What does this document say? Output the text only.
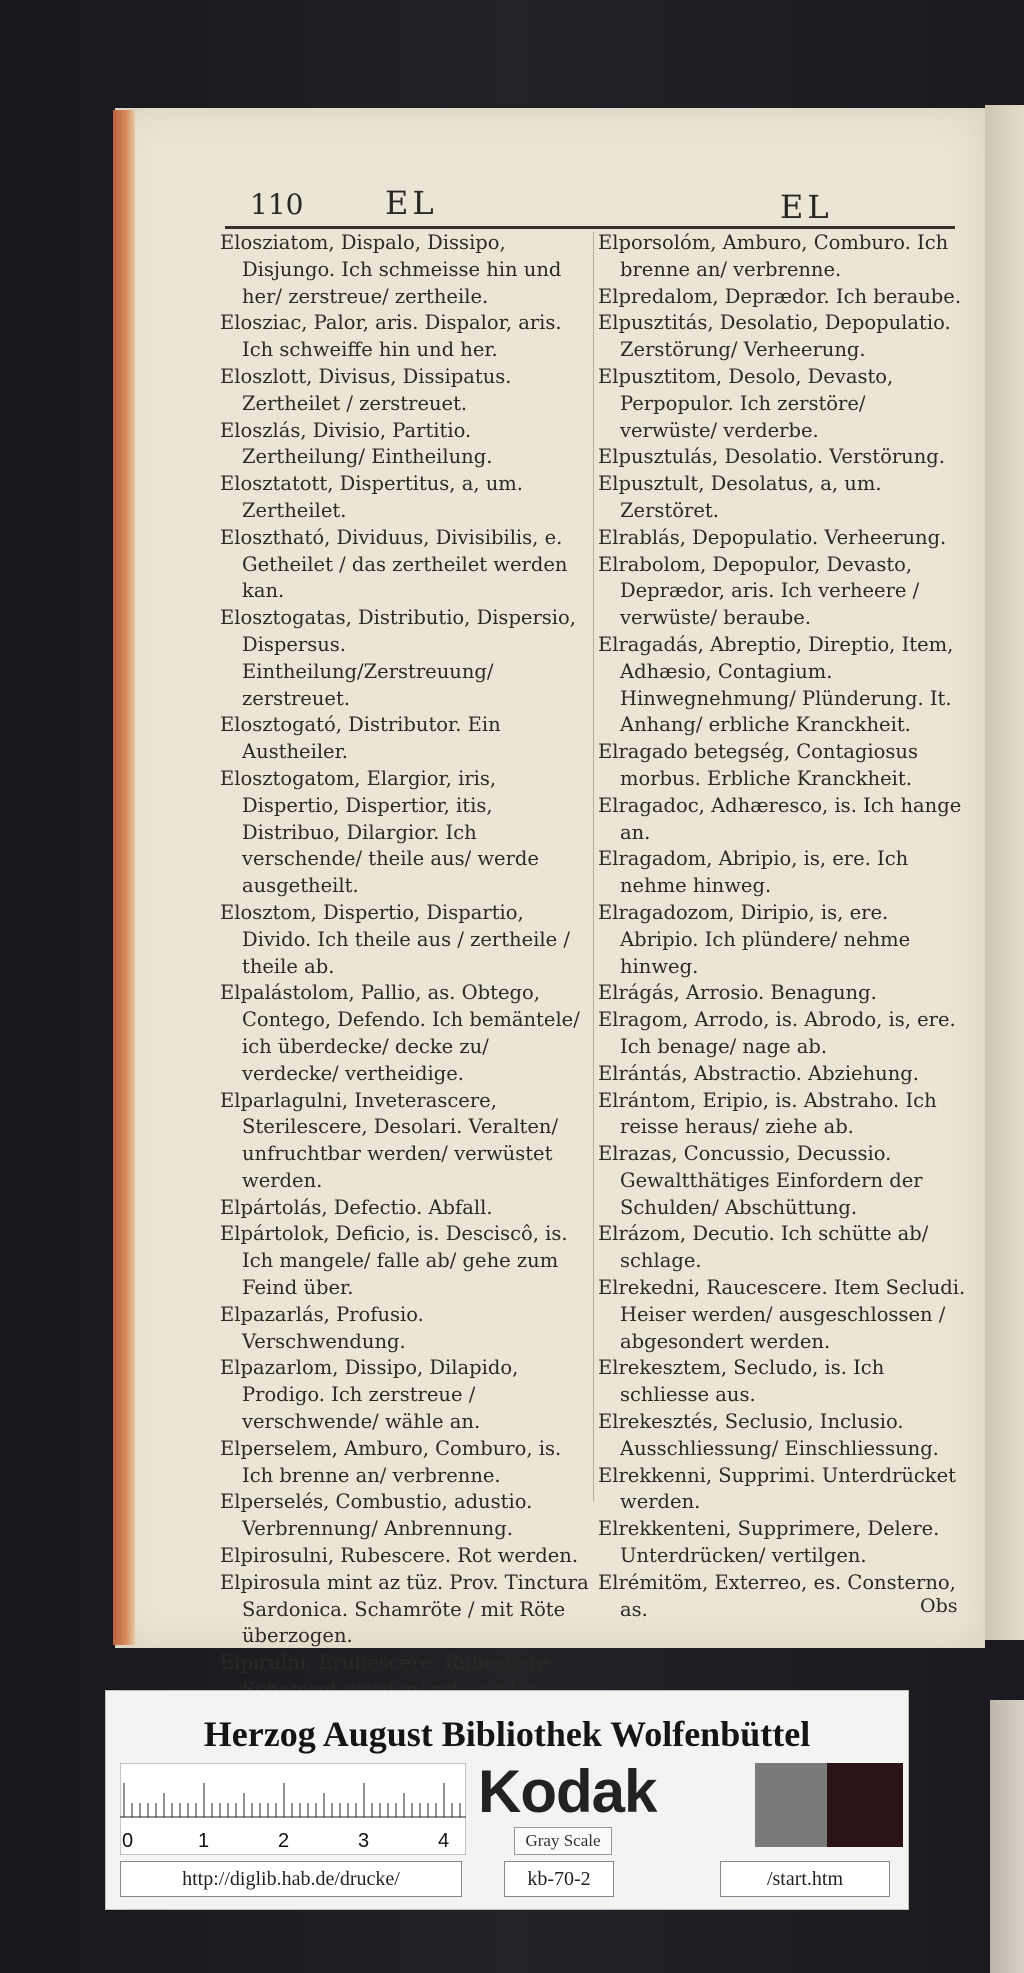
110	EL	EL

Elosziatom, Dispalo, Dissipo, Disjungo. Ich schmeisse hin und her/ zerstreue/ zertheile.

Elosziac, Palor, aris. Dispalor, aris. Ich schweiffe hin und her.

Eloszlott, Divisus, Dissipatus. Zertheilet / zerstreuet.

Eloszlás, Divisio, Partitio. Zertheilung/ Eintheilung.

Elosztatott, Dispertitus, a, um. Zertheilet.

Elosztható, Dividuus, Divisibilis, e. Getheilet / das zertheilet werden kan.

Elosztogatas, Distributio, Dispersio, Dispersus. Eintheilung/Zerstreuung/ zerstreuet.

Elosztogató, Distributor. Ein Austheiler.

Elosztogatom, Elargior, iris, Dispertio, Dispertior, itis, Distribuo, Dilargior. Ich verschende/ theile aus/ werde ausgetheilt.

Elosztom, Dispertio, Dispartio, Divido. Ich theile aus / zertheile / theile ab.

Elpalástolom, Pallio, as. Obtego, Contego, Defendo. Ich bemäntele/ ich überdecke/ decke zu/ verdecke/ vertheidige.

Elparlagulni, Inveterascere, Sterilescere, Desolari. Veralten/ unfruchtbar werden/ verwüstet werden.

Elpártolás, Defectio. Abfall.

Elpártolok, Deficio, is. Desciscô, is. Ich mangele/ falle ab/ gehe zum Feind über.

Elpazarlás, Profusio. Verschwendung.

Elpazarlom, Dissipo, Dilapido, Prodigo. Ich zerstreue / verschwende/ wähle an.

Elperselem, Amburo, Comburo, is. Ich brenne an/ verbrenne.

Elperselés, Combustio, adustio. Verbrennung/ Anbrennung.

Elpirosulni, Rubescere. Rot werden.

Elpirosula mint az tüz. Prov. Tinctura Sardonica. Schamröte / mit Röte überzogen.

Elpirulni, Erubescere, Rubescere.

Elporsolóm, Amburo, Comburo. Ich brenne an/ verbrenne.

Elpredalom, Deprædor. Ich beraube.

Elpusztitás, Desolatio, Depopulatio. Zerstörung/ Verheerung.

Elpusztitom, Desolo, Devasto, Perpopulor. Ich zerstöre/ verwüste/ verderbe.

Elpusztulás, Desolatio. Verstörung.

Elpusztult, Desolatus, a, um. Zerstöret.

Elrablás, Depopulatio. Verheerung.

Elrabolom, Depopulor, Devasto, Deprædor, aris. Ich verheere / verwüste/ beraube.

Elragadás, Abreptio, Direptio, Item, Adhæsio, Contagium. Hinwegnehmung/ Plünderung. It. Anhang/ erbliche Kranckheit.

Elragado betegség, Contagiosus morbus. Erbliche Kranckheit.

Elragadoc, Adhæresco, is. Ich hange an.

Elragadom, Abripio, is, ere. Ich nehme hinweg.

Elragadozom, Diripio, is, ere. Abripio. Ich plündere/ nehme hinweg.

Elrágás, Arrosio. Benagung.

Elragom, Arrodo, is. Abrodo, is, ere. Ich benage/ nage ab.

Elrántás, Abstractio. Abziehung.

Elrántom, Eripio, is. Abstraho. Ich reisse heraus/ ziehe ab.

Elrazas, Concussio, Decussio. Gewaltthätiges Einfordern der Schulden/ Abschüttung.

Elrázom, Decutio. Ich schütte ab/ schlage.

Elrekedni, Raucescere. Item Secludi. Heiser werden/ ausgeschlossen / abgesondert werden.

Elrekesztem, Secludo, is. Ich schliesse aus.

Elrekesztés, Seclusio, Inclusio. Ausschliessung/ Einschliessung.

Elrekkenni, Supprimi. Unterdrücket werden.

Elrekkenteni, Supprimere, Delere. Unterdrücken/ vertilgen.

Elrémitöm, Exterreo, es. Consterno, as.	Obs
Herzog August Bibliothek Wolfenbüttel
0	1	2	3	4
Kodak
Gray Scale
http://diglib.hab.de/drucke/	kb-70-2	/start.htm
